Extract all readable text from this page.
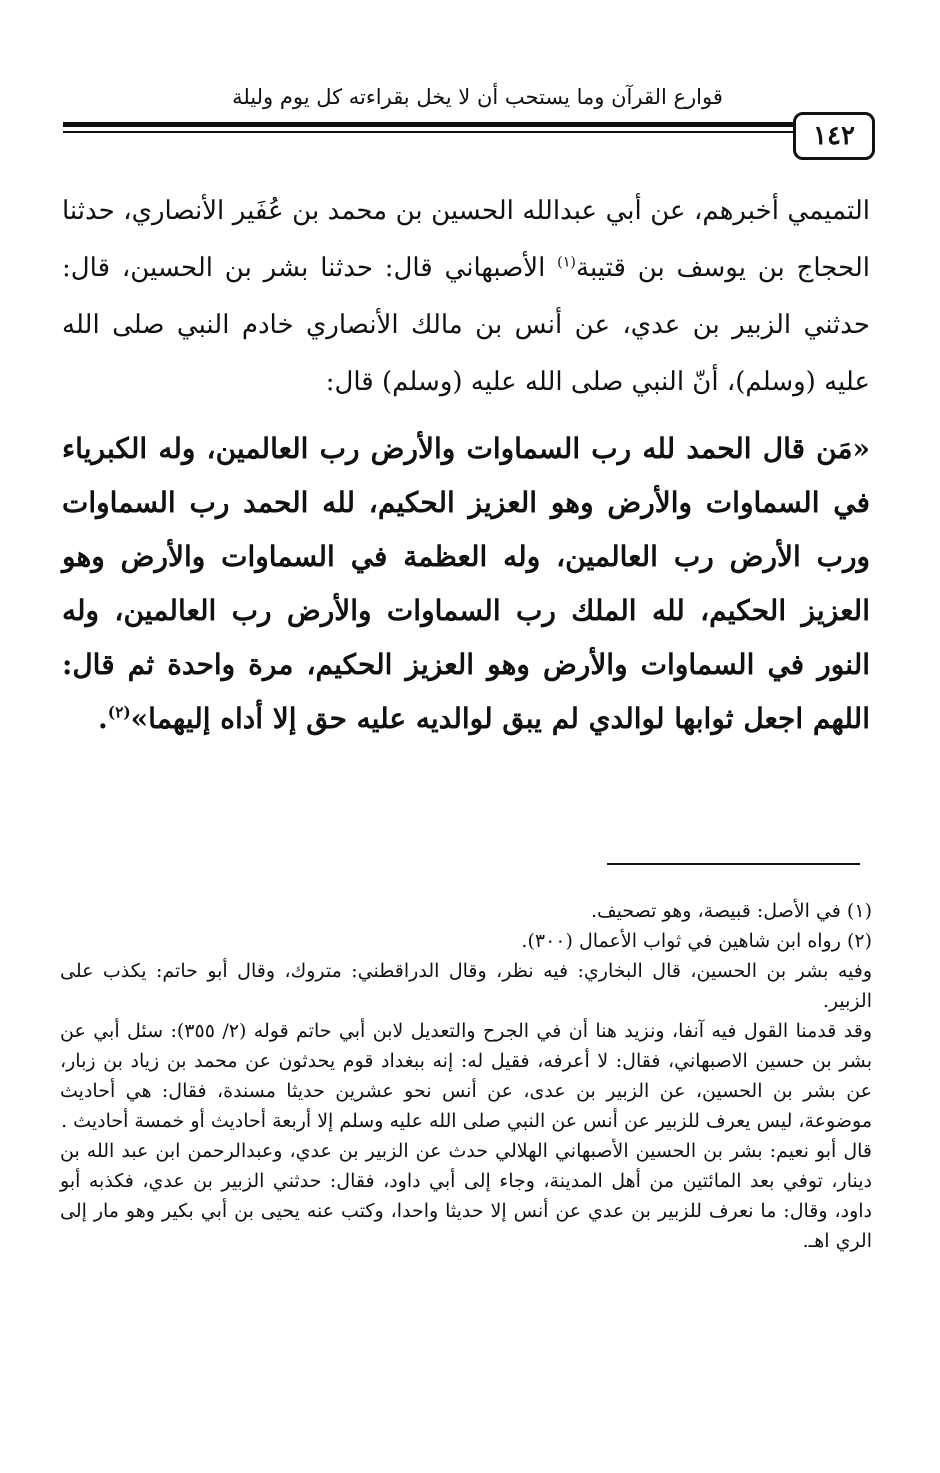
قوارع القرآن وما يستحب أن لا يخل بقراءته كل يوم وليلة
١٤٢

التميمي أخبرهم، عن أبي عبدالله الحسين بن محمد بن عُفَير الأنصاري، حدثنا الحجاج بن يوسف بن قتيبة$^{(١)}$ الأصبهاني قال: حدثنا بشر بن الحسين، قال: حدثني الزبير بن عدي، عن أنس بن مالك الأنصاري خادم النبي صلى الله عليه (وسلم)، أنّ النبي صلى الله عليه (وسلم) قال:

«مَن قال الحمد لله رب السماوات والأرض رب العالمين، وله الكبرياء في السماوات والأرض وهو العزيز الحكيم، لله الحمد رب السماوات ورب الأرض رب العالمين، وله العظمة في السماوات والأرض وهو العزيز الحكيم، لله الملك رب السماوات والأرض رب العالمين، وله النور في السماوات والأرض وهو العزيز الحكيم، مرة واحدة ثم قال: اللهم اجعل ثوابها لوالدي لم يبق لوالديه عليه حق إلا أداه إليهما»$^{(٢)}$.

(١) في الأصل: قبيصة، وهو تصحيف.

(٢) رواه ابن شاهين في ثواب الأعمال (٣٠٠).

وفيه بشر بن الحسين، قال البخاري: فيه نظر، وقال الدراقطني: متروك، وقال أبو حاتم: يكذب على الزبير.

وقد قدمنا القول فيه آنفا، ونزيد هنا أن في الجرح والتعديل لابن أبي حاتم قوله (٢/ ٣٥٥): سئل أبي عن بشر بن حسين الاصبهاني، فقال: لا أعرفه، فقيل له: إنه ببغداد قوم يحدثون عن محمد بن زياد بن زبار، عن بشر بن الحسين، عن الزبير بن عدى، عن أنس نحو عشرين حديثا مسندة، فقال: هي أحاديث موضوعة، ليس يعرف للزبير عن أنس عن النبي صلى الله عليه وسلم إلا أربعة أحاديث أو خمسة أحاديث .

قال أبو نعيم: بشر بن الحسين الأصبهاني الهلالي حدث عن الزبير بن عدي، وعبدالرحمن ابن عبد الله بن دينار، توفي بعد المائتين من أهل المدينة، وجاء إلى أبي داود، فقال: حدثني الزبير بن عدي، فكذبه أبو داود، وقال: ما نعرف للزبير بن عدي عن أنس إلا حديثا واحدا، وكتب عنه يحيى بن أبي بكير وهو مار إلى الري اهـ.
